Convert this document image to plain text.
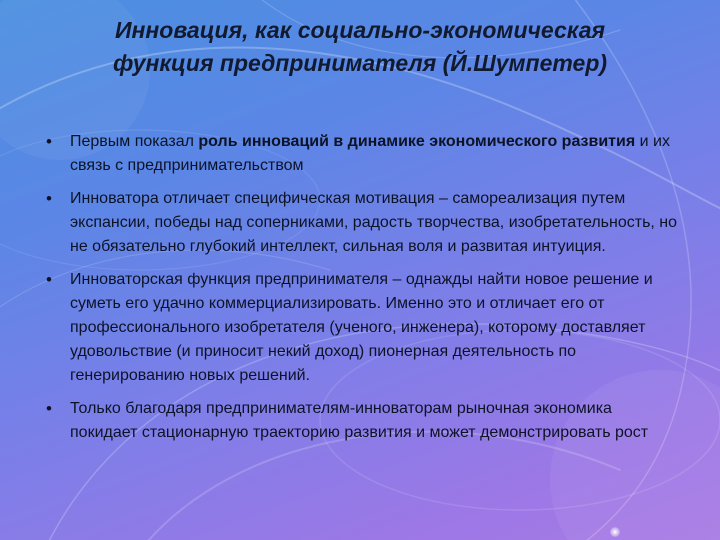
Инновация, как социально-экономическая
функция предпринимателя (Й.Шумпетер)
• Первым показал роль инноваций в динамике экономического развития и их связь с предпринимательством
• Инноватора отличает специфическая мотивация – самореализация путем экспансии, победы над соперниками, радость творчества, изобретательность, но не обязательно глубокий интеллект, сильная воля и развитая интуиция.
• Инноваторская функция предпринимателя – однажды найти новое решение и суметь его удачно коммерциализировать. Именно это и отличает его от профессионального изобретателя (ученого, инженера), которому доставляет удовольствие (и приносит некий доход) пионерная деятельность по генерированию новых решений.
• Только благодаря предпринимателям-инноваторам рыночная экономика покидает стационарную траекторию развития и может демонстрировать рост
